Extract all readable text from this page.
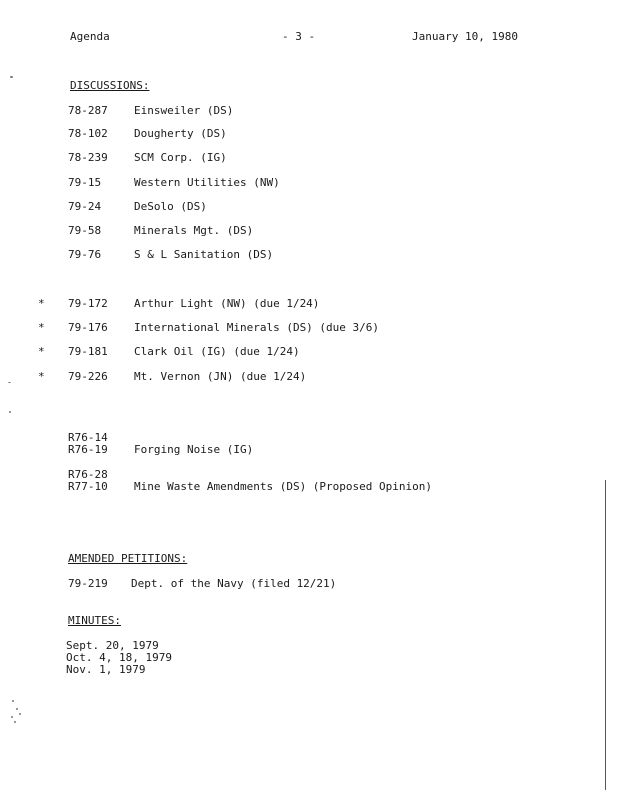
Agenda	- 3 -	January 10, 1980
DISCUSSIONS:
78-287 Einsweiler (DS)
78-102 Dougherty (DS)
78-239 SCM Corp. (IG)
79-15	Western Utilities (NW)
79-24	DeSolo (DS)
79-58	Minerals Mgt. (DS)
79-76	S & L Sanitation (DS)
* 79-172 Arthur Light (NW) (due 1/24)
* 79-176 International Minerals (DS) (due 3/6)
* 79-181 Clark Oil (IG) (due 1/24)
* 79-226 Mt. Vernon (JN) (due 1/24)
R76-14
R76-19 Forging Noise (IG)
R76-28
R77-10 Mine Waste Amendments (DS) (Proposed Opinion)
AMENDED PETITIONS:
79-219 Dept. of the Navy (filed 12/21)
MINUTES:
Sept. 20, 1979
Oct. 4, 18, 1979
Nov. 1, 1979
